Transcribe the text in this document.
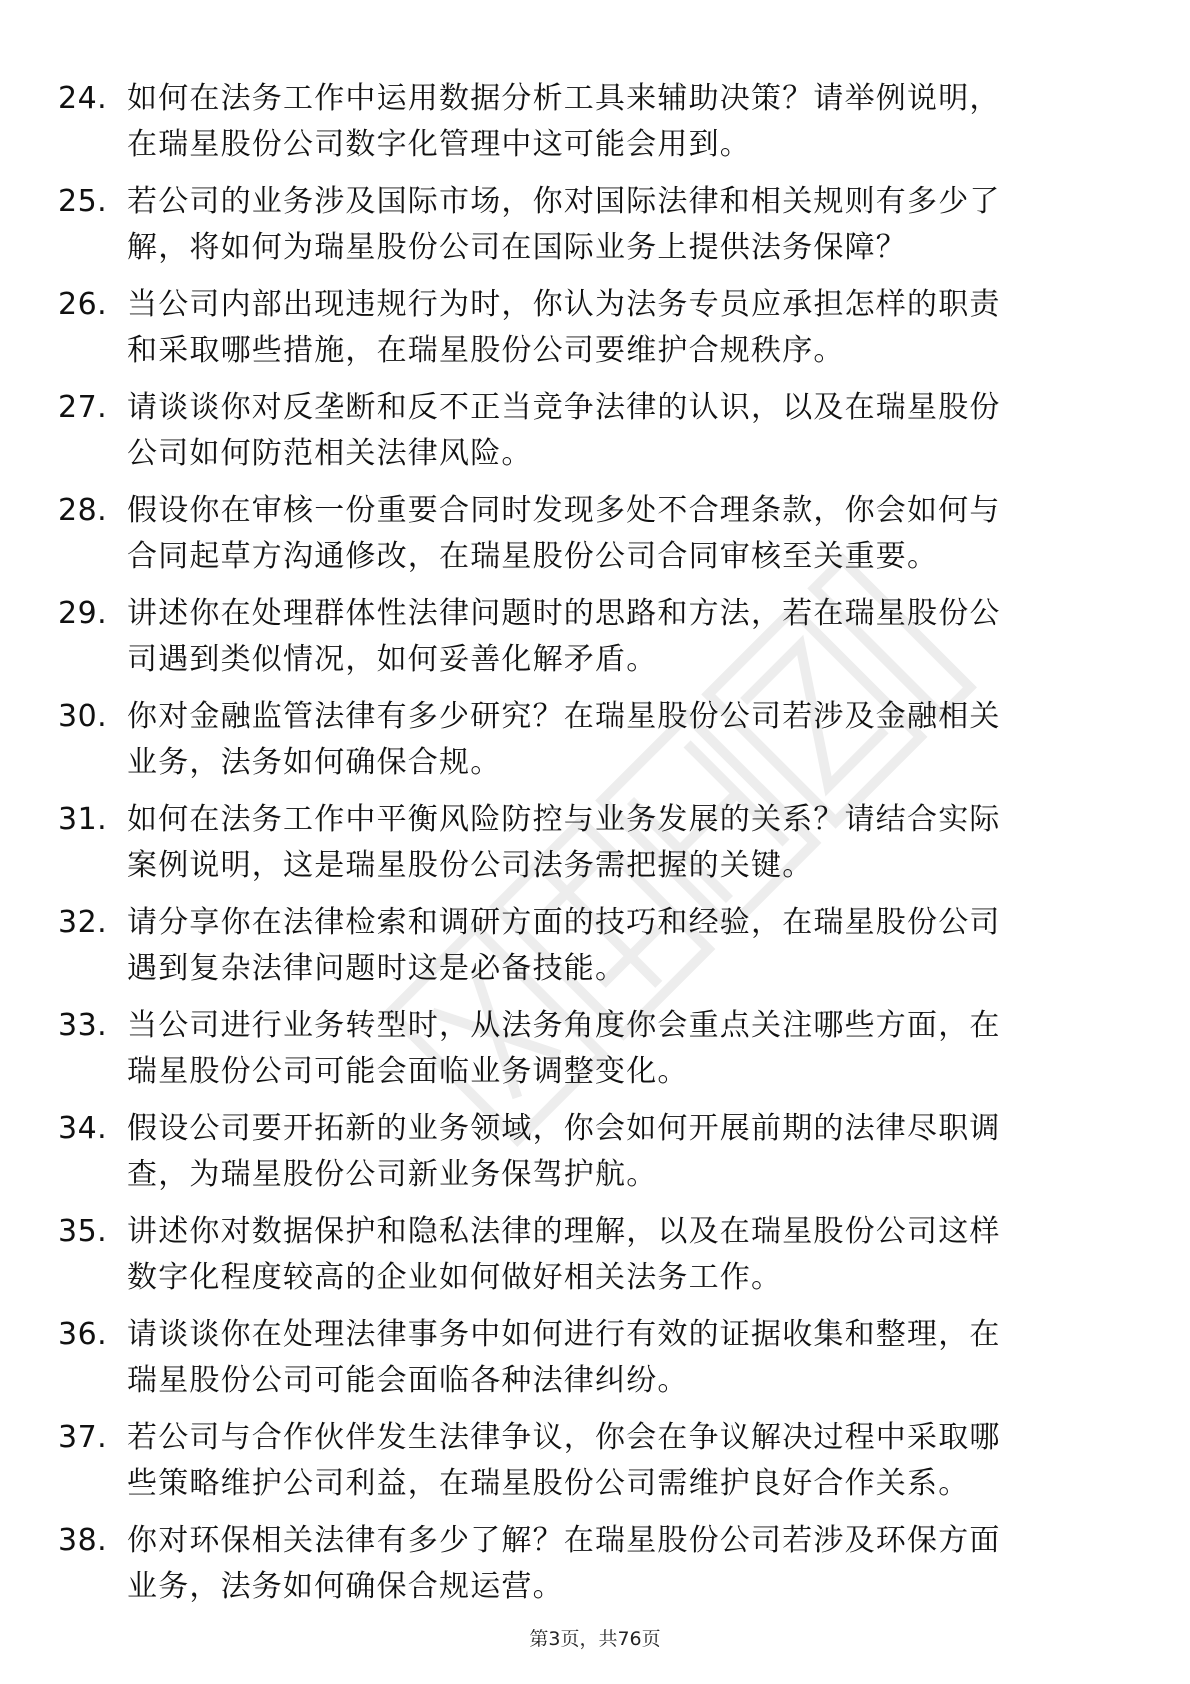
24. 如何在法务工作中运用数据分析工具来辅助决策？请举例说明，
在瑞星股份公司数字化管理中这可能会用到。
25. 若公司的业务涉及国际市场，你对国际法律和相关规则有多少了
解，将如何为瑞星股份公司在国际业务上提供法务保障？
26. 当公司内部出现违规行为时，你认为法务专员应承担怎样的职责
和采取哪些措施，在瑞星股份公司要维护合规秩序。
27. 请谈谈你对反垄断和反不正当竞争法律的认识，以及在瑞星股份
公司如何防范相关法律风险。
28. 假设你在审核一份重要合同时发现多处不合理条款，你会如何与
合同起草方沟通修改，在瑞星股份公司合同审核至关重要。
29. 讲述你在处理群体性法律问题时的思路和方法，若在瑞星股份公
司遇到类似情况，如何妥善化解矛盾。
30. 你对金融监管法律有多少研究？在瑞星股份公司若涉及金融相关
业务，法务如何确保合规。
31. 如何在法务工作中平衡风险防控与业务发展的关系？请结合实际
案例说明，这是瑞星股份公司法务需把握的关键。
32. 请分享你在法律检索和调研方面的技巧和经验，在瑞星股份公司
遇到复杂法律问题时这是必备技能。
33. 当公司进行业务转型时，从法务角度你会重点关注哪些方面，在
瑞星股份公司可能会面临业务调整变化。
34. 假设公司要开拓新的业务领域，你会如何开展前期的法律尽职调
查，为瑞星股份公司新业务保驾护航。
35. 讲述你对数据保护和隐私法律的理解，以及在瑞星股份公司这样
数字化程度较高的企业如何做好相关法务工作。
36. 请谈谈你在处理法律事务中如何进行有效的证据收集和整理，在
瑞星股份公司可能会面临各种法律纠纷。
37. 若公司与合作伙伴发生法律争议，你会在争议解决过程中采取哪
些策略维护公司利益，在瑞星股份公司需维护良好合作关系。
38. 你对环保相关法律有多少了解？在瑞星股份公司若涉及环保方面
业务，法务如何确保合规运营。
第3页，共76页
